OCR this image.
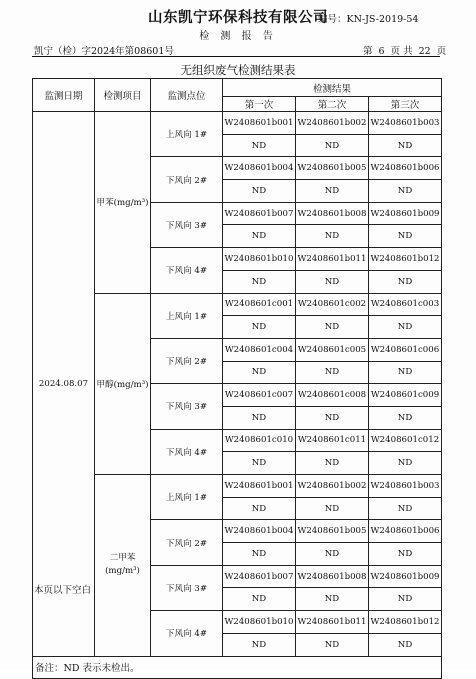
山东凯宁环保科技有限公司
编号：KN-JS-2019-54
检 测 报 告
凯宁（检）字2024年第08601号	第 6 页 共 22 页
无组织废气检测结果表
监测日期	检测项目	监测点位	检测结果		
			第一次	第二次	第三次
2024.08.07	甲苯(mg/m³)	上风向 1#	W2408601b001	W2408601b002	W2408601b003
			ND	ND	ND
		下风向 2#	W2408601b004	W2408601b005	W2408601b006
			ND	ND	ND
		下风向 3#	W2408601b007	W2408601b008	W2408601b009
			ND	ND	ND
		下风向 4#	W2408601b010	W2408601b011	W2408601b012
			ND	ND	ND
	甲醇(mg/m³)	上风向 1#	W2408601c001	W2408601c002	W2408601c003
			ND	ND	ND
		下风向 2#	W2408601c004	W2408601c005	W2408601c006
			ND	ND	ND
		下风向 3#	W2408601c007	W2408601c008	W2408601c009
			ND	ND	ND
		下风向 4#	W2408601c010	W2408601c011	W2408601c012
			ND	ND	ND

	二甲苯
(mg/m³)	上风向 1#	W2408601b001	W2408601b002	W2408601b003
			ND	ND	ND
		下风向 2#	W2408601b004	W2408601b005	W2408601b006
			ND	ND	ND
		下风向 3#	W2408601b007	W2408601b008	W2408601b009
			ND	ND	ND
		下风向 4#	W2408601b010	W2408601b011	W2408601b012
			ND	ND	ND
备注：ND 表示未检出。					
本页以下空白
